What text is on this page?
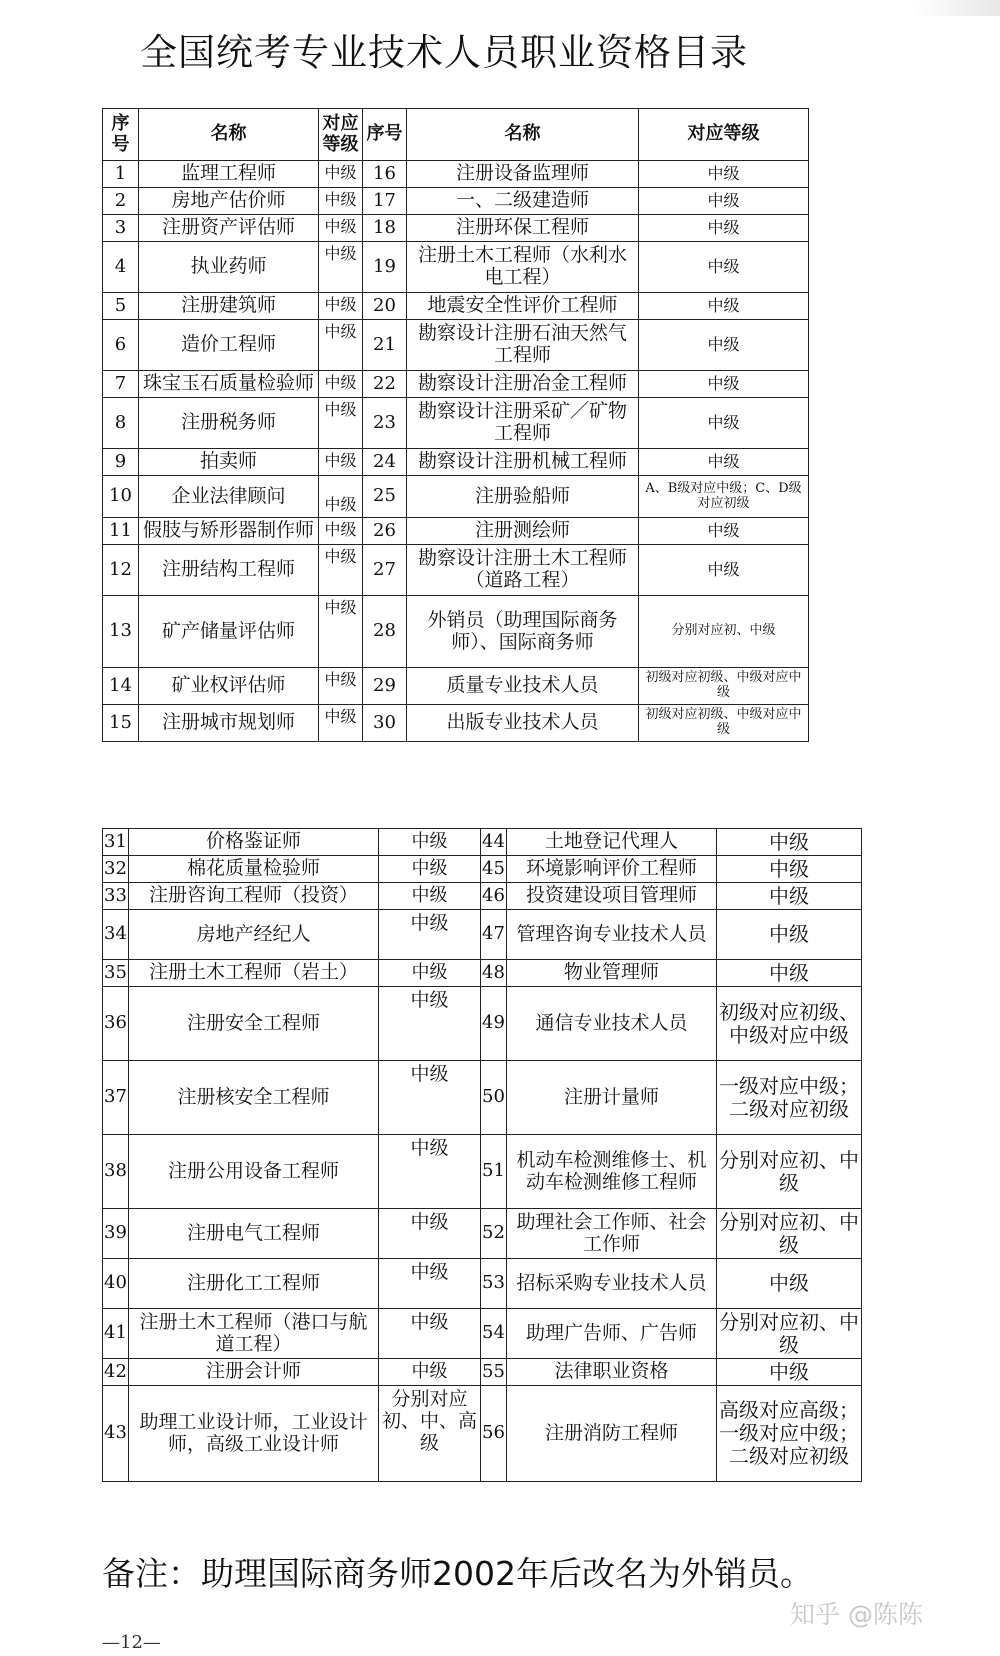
全国统考专业技术人员职业资格目录
序号	名称	对应等级	序号	名称	对应等级
1	监理工程师	中级	16	注册设备监理师	中级
2	房地产估价师	中级	17	一、二级建造师	中级
3	注册资产评估师	中级	18	注册环保工程师	中级
4	执业药师	中级	19	注册土木工程师（水利水电工程）	中级
5	注册建筑师	中级	20	地震安全性评价工程师	中级
6	造价工程师	中级	21	勘察设计注册石油天然气工程师	中级
7	珠宝玉石质量检验师	中级	22	勘察设计注册冶金工程师	中级
8	注册税务师	中级	23	勘察设计注册采矿／矿物工程师	中级
9	拍卖师	中级	24	勘察设计注册机械工程师	中级
10	企业法律顾问	中级	25	注册验船师	A、B级对应中级；C、D级对应初级
11	假肢与矫形器制作师	中级	26	注册测绘师	中级
12	注册结构工程师	中级	27	勘察设计注册土木工程师（道路工程）	中级
13	矿产储量评估师	中级	28	外销员（助理国际商务师）、国际商务师	分别对应初、中级
14	矿业权评估师	中级	29	质量专业技术人员	初级对应初级、中级对应中级
15	注册城市规划师	中级	30	出版专业技术人员	初级对应初级、中级对应中级
31	价格鉴证师	中级	44	土地登记代理人	中级
32	棉花质量检验师	中级	45	环境影响评价工程师	中级
33	注册咨询工程师（投资）	中级	46	投资建设项目管理师	中级
34	房地产经纪人	中级	47	管理咨询专业技术人员	中级
35	注册土木工程师（岩土）	中级	48	物业管理师	中级
36	注册安全工程师	中级	49	通信专业技术人员	初级对应初级、中级对应中级
37	注册核安全工程师	中级	50	注册计量师	一级对应中级；二级对应初级
38	注册公用设备工程师	中级	51	机动车检测维修士、机动车检测维修工程师	分别对应初、中级
39	注册电气工程师	中级	52	助理社会工作师、社会工作师	分别对应初、中级
40	注册化工工程师	中级	53	招标采购专业技术人员	中级
41	注册土木工程师（港口与航道工程）	中级	54	助理广告师、广告师	分别对应初、中级
42	注册会计师	中级	55	法律职业资格	中级
43	助理工业设计师，工业设计师，高级工业设计师	分别对应初、中、高级	56	注册消防工程师	高级对应高级；一级对应中级；二级对应初级
备注：助理国际商务师2002年后改名为外销员。
知乎 @陈陈
—12—
